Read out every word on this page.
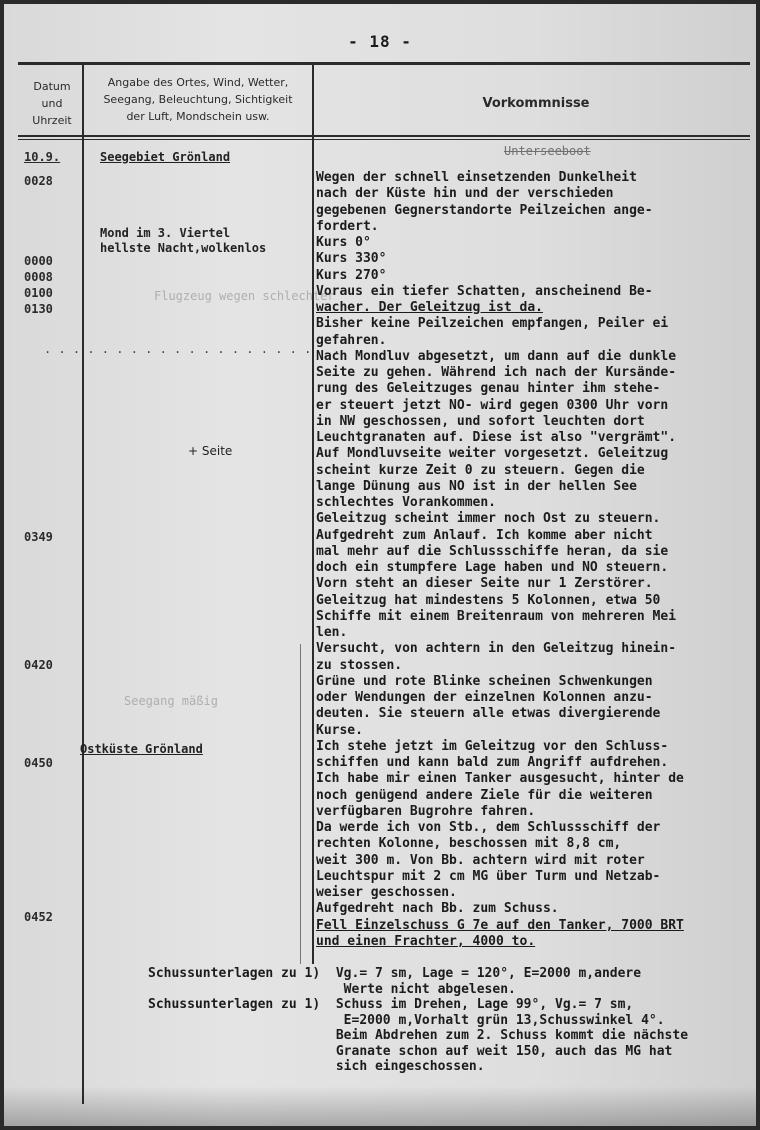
- 18 -
Datum
und
Uhrzeit
Angabe des Ortes, Wind, Wetter,
Seegang, Beleuchtung, Sichtigkeit
der Luft, Mondschein usw.
Vorkommnisse
Unterseeboot
10.9.
0028
0000
0008
0100
0130
0349
0420
0450
0452
. . . . . . . . . . . . . . . . . . . . .
Seegebiet Grönland
Mond im 3. Viertel
hellste Nacht,wolkenlos
+ Seite
Ostküste Grönland
Flugzeug wegen schlechter
Seegang mäßig
Wegen der schnell einsetzenden Dunkelheit
nach der Küste hin und der verschieden
gegebenen Gegnerstandorte Peilzeichen ange-
fordert.
Kurs 0°
Kurs 330°
Kurs 270°
Voraus ein tiefer Schatten, anscheinend Be-
wacher. Der Geleitzug ist da.
Bisher keine Peilzeichen empfangen, Peiler ei
gefahren.
Nach Mondluv abgesetzt, um dann auf die dunkle
Seite zu gehen. Während ich nach der Kursände-
rung des Geleitzuges genau hinter ihm stehe-
er steuert jetzt NO- wird gegen 0300 Uhr vorn
in NW geschossen, und sofort leuchten dort
Leuchtgranaten auf. Diese ist also "vergrämt".
Auf Mondluvseite weiter vorgesetzt. Geleitzug
scheint kurze Zeit 0 zu steuern. Gegen die
lange Dünung aus NO ist in der hellen See
schlechtes Vorankommen.
Geleitzug scheint immer noch Ost zu steuern.
Aufgedreht zum Anlauf. Ich komme aber nicht
mal mehr auf die Schlussschiffe heran, da sie
doch ein stumpfere Lage haben und NO steuern.
Vorn steht an dieser Seite nur 1 Zerstörer.
Geleitzug hat mindestens 5 Kolonnen, etwa 50
Schiffe mit einem Breitenraum von mehreren Mei
len.
Versucht, von achtern in den Geleitzug hinein-
zu stossen.
Grüne und rote Blinke scheinen Schwenkungen
oder Wendungen der einzelnen Kolonnen anzu-
deuten. Sie steuern alle etwas divergierende
Kurse.
Ich stehe jetzt im Geleitzug vor den Schluss-
schiffen und kann bald zum Angriff aufdrehen.
Ich habe mir einen Tanker ausgesucht, hinter de
noch genügend andere Ziele für die weiteren
verfügbaren Bugrohre fahren.
Da werde ich von Stb., dem Schlussschiff der
rechten Kolonne, beschossen mit 8,8 cm,
weit 300 m. Von Bb. achtern wird mit roter
Leuchtspur mit 2 cm MG über Turm und Netzab-
weiser geschossen.
Aufgedreht nach Bb. zum Schuss.
Fell Einzelschuss G 7e auf den Tanker, 7000 BRT
und einen Frachter, 4000 to.
Schussunterlagen zu 1)  Vg.= 7 sm, Lage = 120°, E=2000 m,andere
Werte nicht abgelesen.
Schussunterlagen zu 1)  Schuss im Drehen, Lage 99°, Vg.= 7 sm,
E=2000 m,Vorhalt grün 13,Schusswinkel 4°.
Beim Abdrehen zum 2. Schuss kommt die nächste
Granate schon auf weit 150, auch das MG hat
sich eingeschossen.
